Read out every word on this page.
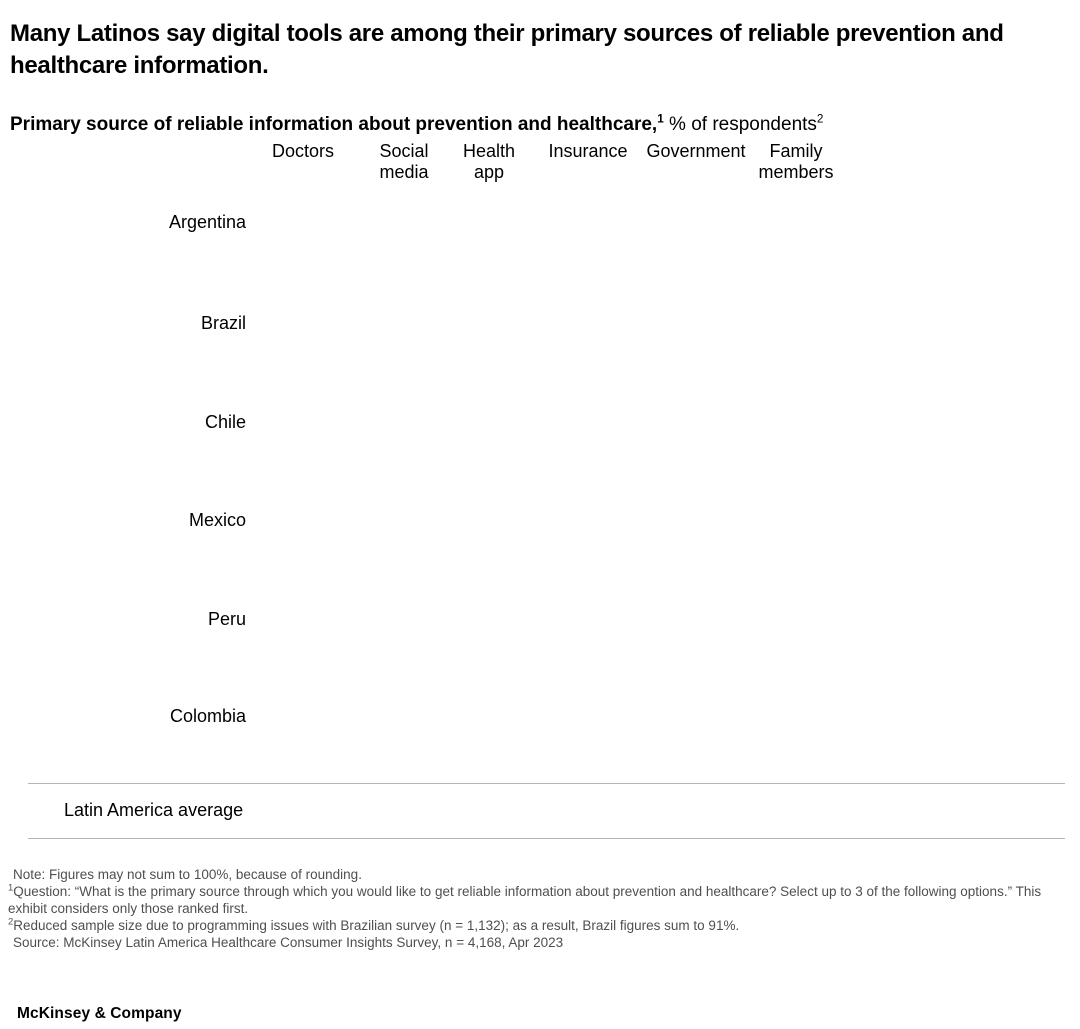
Many Latinos say digital tools are among their primary sources of reliable prevention and healthcare information.

Primary source of reliable information about prevention and healthcare,$^1$ % of respondents$^2$

Doctors	Social media
Health app
Insurance Government	Family members
Argentina
Brazil
Chile
Mexico
Peru
Colombia
Latin America average

Note: Figures may not sum to 100%, because of rounding.

$^1$Question: “What is the primary source through which you would like to get reliable information about prevention and healthcare? Select up to 3 of the following options.” This exhibit considers only those ranked first.

$^2$Reduced sample size due to programming issues with Brazilian survey (n = 1,132); as a result, Brazil figures sum to 91%.

Source: McKinsey Latin America Healthcare Consumer Insights Survey, n = 4,168, Apr 2023

McKinsey & Company
